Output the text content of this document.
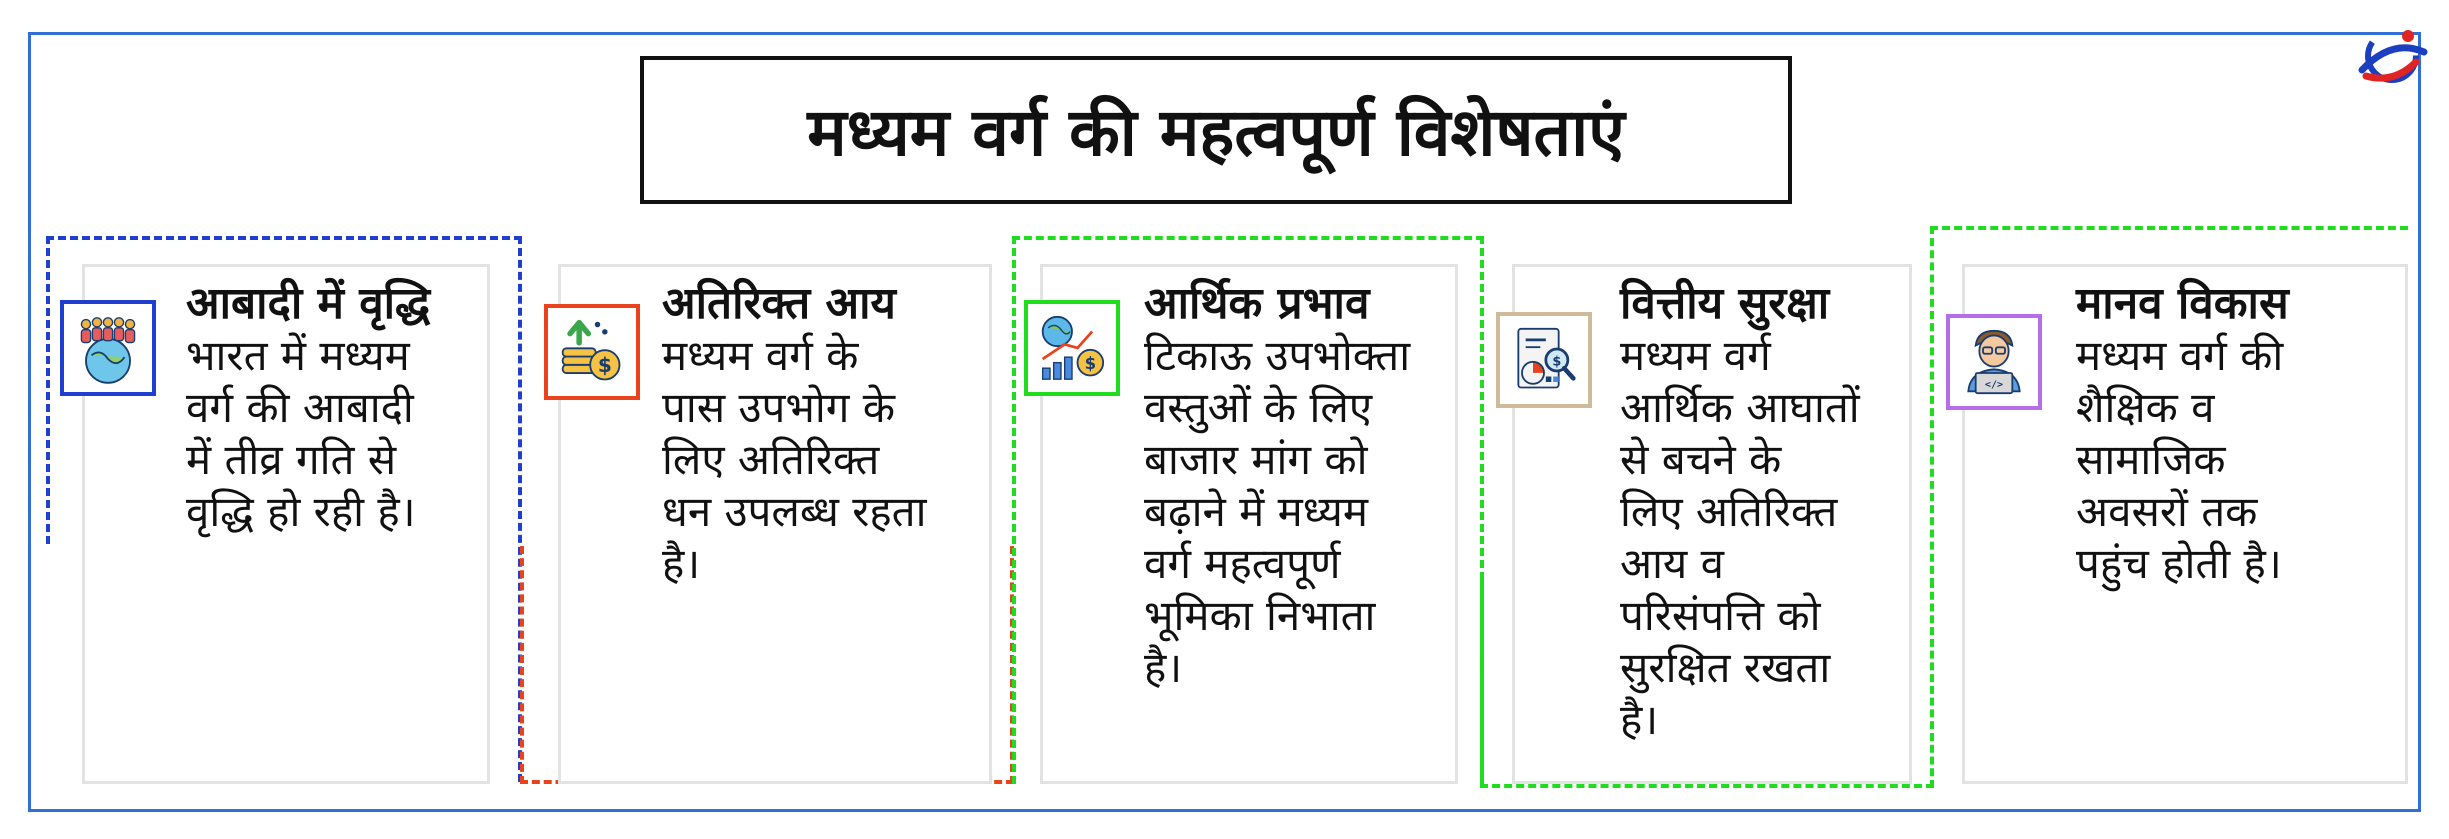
मध्यम वर्ग की महत्वपूर्ण विशेषताएं
आबादी में वृद्धि
भारत में मध्यम
वर्ग की आबादी
में तीव्र गति से
वृद्धि हो रही है।
$
अतिरिक्त आय
मध्यम वर्ग के
पास उपभोग के
लिए अतिरिक्त
धन उपलब्ध रहता
है।
$
आर्थिक प्रभाव
टिकाऊ उपभोक्ता
वस्तुओं के लिए
बाजार मांग को
बढ़ाने में मध्यम
वर्ग महत्वपूर्ण
भूमिका निभाता
है।
$
वित्तीय सुरक्षा
मध्यम वर्ग
आर्थिक आघातों
से बचने के
लिए अतिरिक्त
आय व
परिसंपत्ति को
सुरक्षित रखता
है।
</>
मानव विकास
मध्यम वर्ग की
शैक्षिक व
सामाजिक
अवसरों तक
पहुंच होती है।
